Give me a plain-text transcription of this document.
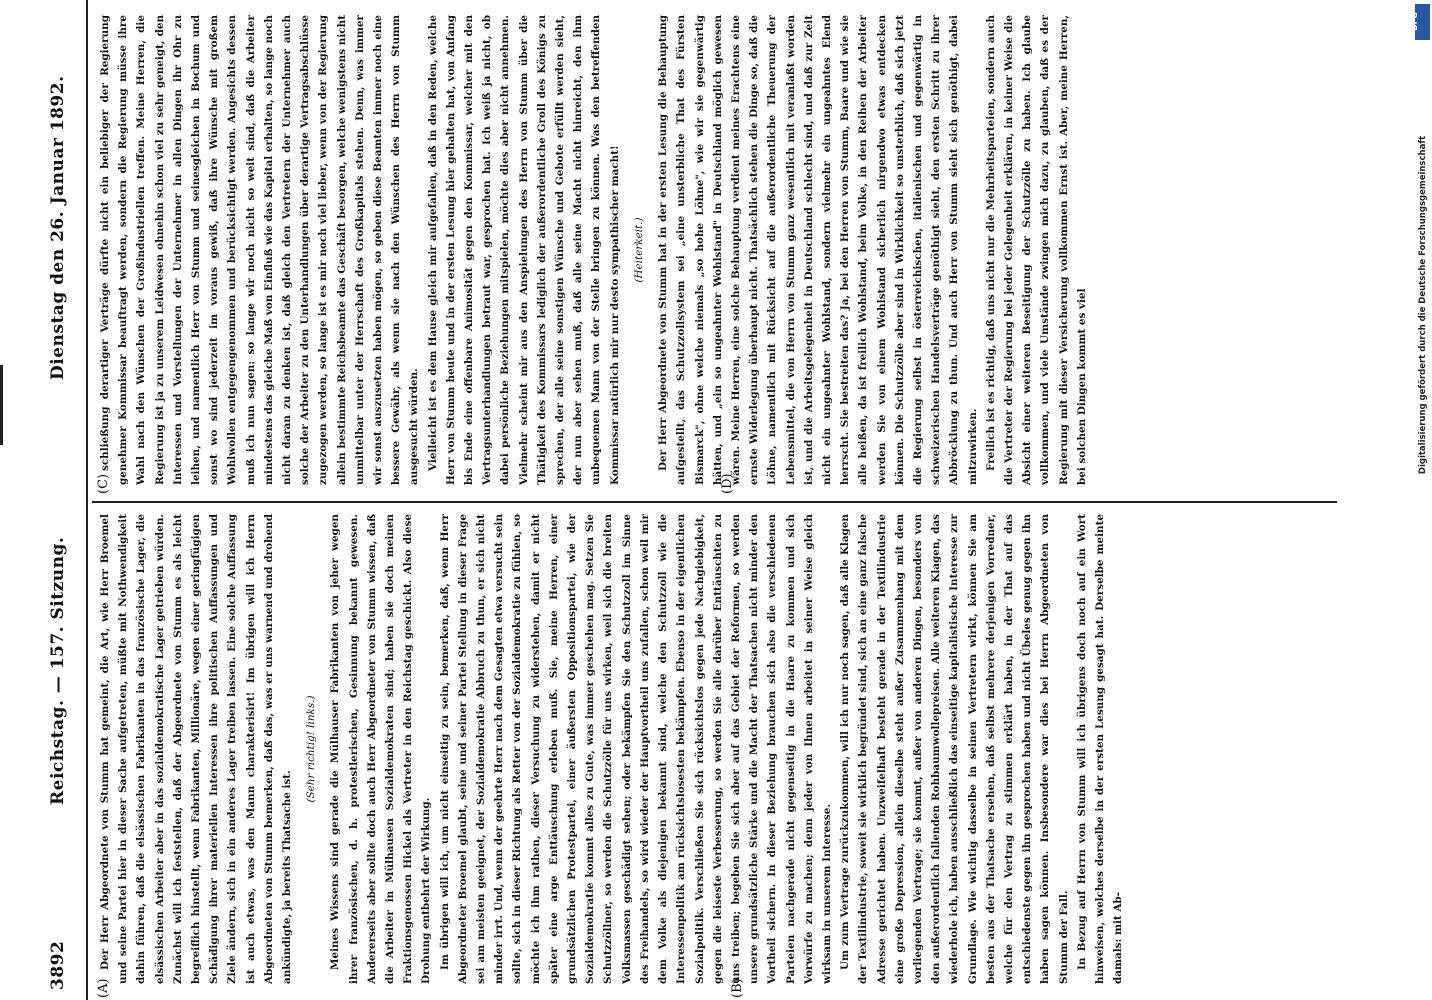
3892
Reichstag. — 157. Sitzung.
Dienstag den 26. Januar 1892.
(A)	(B)
(C)	(D)

Der Herr Abgeordnete von Stumm hat gemeint, die Art, wie Herr Broemel und seine Partei hier in dieser Sache aufgetreten, müßte mit Nothwendigkeit dahin führen, daß die elsässischen Fabrikanten in das französische Lager, die elsässischen Arbeiter aber in das sozialdemokratische Lager getrieben würden. Zunächst will ich feststellen, daß der Abgeordnete von Stumm es als leicht begreiflich hinstellt, wenn Fabrikanten, Millionäre, wegen einer geringfügigen Schädigung ihrer materiellen Interessen ihre politischen Auffassungen und Ziele ändern, sich in ein anderes Lager treiben lassen. Eine solche Auffassung ist auch etwas, was den Mann charakterisirt! Im übrigen will ich Herrn Abgeordneten von Stumm bemerken, daß das, was er uns warnend und drohend ankündigte, ja bereits Thatsache ist.

(Sehr richtig! links.)	Meines Wissens sind gerade die Mülhauser Fabrikanten von jeher wegen ihrer französischen, d. h. protestlerischen, Gesinnung bekannt gewesen. Andererseits aber sollte doch auch Herr Abgeordneter von Stumm wissen, daß die Arbeiter in Mülhausen Sozialdemokraten sind; haben sie doch meinen Fraktionsgenossen Hickel als Vertreter in den Reichstag geschickt. Also diese Drohung entbehrt der Wirkung. Im übrigen will ich, um nicht einseitig zu sein, bemerken, daß, wenn Herr Abgeordneter Broemel glaubt, seine und seiner Partei Stellung in dieser Frage sei am meisten geeignet, der Sozialdemokratie Abbruch zu thun, er sich nicht minder irrt. Und, wenn der geehrte Herr nach dem Gesagten etwa versucht sein sollte, sich in dieser Richtung als Retter von der Sozialdemokratie zu fühlen, so möchte ich ihm rathen, dieser Versuchung zu widerstehen, damit er nicht später eine arge Enttäuschung erleben muß. Sie, meine Herren, einer grundsätzlichen Protestpartei, einer äußersten Oppositionspartei, wie der Sozialdemokratie kommt alles zu Gute, was immer geschehen mag. Setzen Sie Schutzzöllner, so werden die Schutzzölle für uns wirken, weil sich die breiten Volksmassen geschädigt sehen; oder bekämpfen Sie den Schutzzoll im Sinne des Freihandels, so wird wieder der Hauptvortheil uns zufallen, schon weil mir dem Volke als diejenigen bekannt sind, welche den Schutzzoll wie die Interessenpolitik am rücksichtslosesten bekämpfen. Ebenso in der eigentlichen Sozialpolitik. Verschließen Sie sich rücksichtslos gegen jede Nachgiebigkeit, gegen die leiseste Verbesserung, so werden Sie alle darüber Enttäuschten zu uns treiben; begeben Sie sich aber auf das Gebiet der Reformen, so werden unsere grundsätzliche Stärke und die Macht der Thatsachen nicht minder den Vortheil sichern. In dieser Beziehung brauchen sich also die verschiedenen Parteien nachgerade nicht gegenseitig in die Haare zu kommen und sich Vorwürfe zu machen; denn jeder von Ihnen arbeitet in seiner Weise gleich wirksam in unserem Interesse. Um zum Vertrage zurückzukommen, will ich nur noch sagen, daß alle Klagen der Textilindustrie, soweit sie wirklich begründet sind, sich an eine ganz falsche Adresse gerichtet haben. Unzweifelhaft besteht gerade in der Textilindustrie eine große Depression, allein dieselbe steht außer Zusammenhang mit dem vorliegenden Vertrage; sie kommt, außer von anderen Dingen, besonders von den außerordentlich fallenden Rohbaumwollepreisen. Alle weiteren Klagen, das wiederhole ich, haben ausschließlich das einseitige kapitalistische Interesse zur Grundlage. Wie wichtig dasselbe in seinen Vertretern wirkt, können Sie am besten aus der Thatsache ersehen, daß selbst mehrere derjenigen Vorredner, welche für den Vertrag zu stimmen erklärt haben, in der That auf das entschiedenste gegen ihn gesprochen haben und nicht Übeles genug gegen ihn haben sagen können. Insbesondere war dies bei Herrn Abgeordneten von Stumm der Fall. In Bezug auf Herrn von Stumm will ich übrigens doch noch auf ein Wort hinweisen, welches derselbe in der ersten Lesung gesagt hat. Derselbe meinte damals: mit Ab-

schließung derartiger Verträge dürfte nicht ein beliebiger der Regierung genehmer Kommissar beauftragt werden, sondern die Regierung müsse ihre Wahl nach den Wünschen der Großindustriellen treffen. Meine Herren, die Regierung ist ja zu unserem Leidwesen ohnehin schon viel zu sehr geneigt, den Interessen und Vorstellungen der Unternehmer in allen Dingen ihr Ohr zu leihen, und namentlich Herr von Stumm und seinesgleichen in Bochum und sonst wo sind jederzeit im voraus gewiß, daß ihre Wünsche mit großem Wohlwollen entgegengenommen und berücksichtigt werden. Angesichts dessen muß ich nun sagen: so lange wir noch nicht so weit sind, daß die Arbeiter mindestens das gleiche Maß von Einfluß wie das Kapital erhalten, so lange noch nicht daran zu denken ist, daß gleich den Vertretern der Unternehmer auch solche der Arbeiter zu den Unterhandlungen über derartige Vertragsabschlüsse zugezogen werden, so lange ist es mir noch viel lieber, wenn von der Regierung allein bestimmte Reichsbeamte das Geschäft besorgen, welche wenigstens nicht unmittelbar unter der Herrschaft des Großkapitals stehen. Denn, was immer wir sonst auszusetzen haben mögen, so geben diese Beamten immer noch eine bessere Gewähr, als wenn sie nach den Wünschen des Herrn von Stumm ausgesucht würden. Vielleicht ist es dem Hause gleich mir aufgefallen, daß in den Reden, welche Herr von Stumm heute und in der ersten Lesung hier gehalten hat, von Anfang bis Ende eine offenbare Animosität gegen den Kommissar, welcher mit den Vertragsunterhandlungen betraut war, gesprochen hat. Ich weiß ja nicht, ob dabei persönliche Beziehungen mitspielen, möchte dies aber nicht annehmen. Vielmehr scheint mir aus den Anspielungen des Herrn von Stumm über die Thätigkeit des Kommissars lediglich der außerordentliche Groll des Königs zu sprechen, der alle seine sonstigen Wünsche und Gebote erfüllt werden sieht, der nun aber sehen muß, daß alle seine Macht nicht hinreicht, den ihm unbequemen Mann von der Stelle bringen zu können. Was den betreffenden Kommissar natürlich mir nur desto sympathischer macht!	(Heiterkeit.)	Der Herr Abgeordnete von Stumm hat in der ersten Lesung die Behauptung aufgestellt, das Schutzzollsystem sei „eine unsterbliche That des Fürsten Bismarck", ohne welche niemals „so hohe Löhne", wie wir sie gegenwärtig hätten, und „ein so ungeahnter Wohlstand" in Deutschland möglich gewesen wären. Meine Herren, eine solche Behauptung verdient meines Erachtens eine ernste Widerlegung überhaupt nicht. Thatsächlich stehen die Dinge so, daß die Löhne, namentlich mit Rücksicht auf die außerordentliche Theuerung der Lebensmittel, die von Herrn von Stumm ganz wesentlich mit veranlaßt worden ist, und die Arbeitsgelegenheit in Deutschland schlecht sind, und daß zur Zeit nicht ein ungeahnter Wohlstand, sondern vielmehr ein ungeahntes Elend herrscht. Sie bestreiten das? Ja, bei den Herren von Stumm, Baare und wie sie alle heißen, da ist freilich Wohlstand, beim Volke, in den Reihen der Arbeiter werden Sie von einem Wohlstand sicherlich nirgendwo etwas entdecken können. Die Schutzzölle aber sind in Wirklichkeit so unsterblich, daß sich jetzt die Regierung selbst in österreichischen, italienischen und gegenwärtig in schweizerischen Handelsverträge genöthigt sieht, den ersten Schritt zu ihrer Abbröcklung zu thun. Und auch Herr von Stumm sieht sich genöthigt, dabei mitzuwirken. Freilich ist es richtig, daß uns nicht nur die Mehrheitsparteien, sondern auch die Vertreter der Regierung bei jeder Gelegenheit erklären, in keiner Weise die Absicht einer weiteren Beseitigung der Schutzzölle zu haben. Ich glaube vollkommen, und viele Umstände zwingen mich dazu, zu glauben, daß es der Regierung mit dieser Versicherung vollkommen Ernst ist. Aber, meine Herren, bei solchen Dingen kommt es viel

DFG
Digitalisierung gefördert durch die Deutsche Forschungsgemeinschaft
